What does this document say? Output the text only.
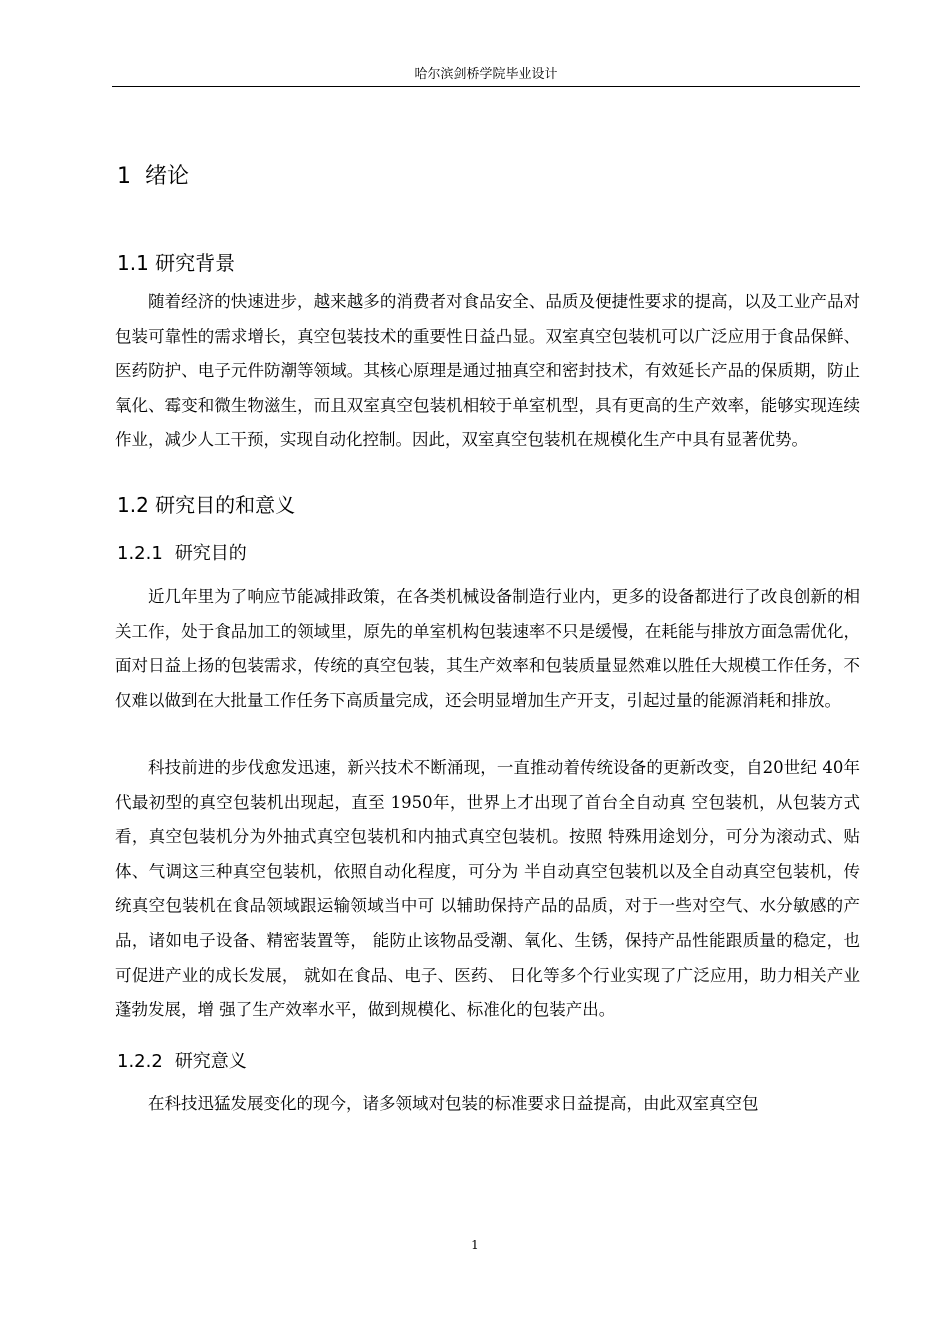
哈尔滨剑桥学院毕业设计
1 绪论
1.1 研究背景

随着经济的快速进步，越来越多的消费者对食品安全、品质及便捷性要求的提高，以及工业产品对包装可靠性的需求增长，真空包装技术的重要性日益凸显。双室真空包装机可以广泛应用于食品保鲜、医药防护、电子元件防潮等领域。其核心原理是通过抽真空和密封技术，有效延长产品的保质期，防止氧化、霉变和微生物滋生，而且双室真空包装机相较于单室机型，具有更高的生产效率，能够实现连续作业，减少人工干预，实现自动化控制。因此，双室真空包装机在规模化生产中具有显著优势。

1.2 研究目的和意义
1.2.1 研究目的

近几年里为了响应节能减排政策，在各类机械设备制造行业内，更多的设备都进行了改良创新的相关工作，处于食品加工的领域里，原先的单室机构包装速率不只是缓慢，在耗能与排放方面急需优化，面对日益上扬的包装需求，传统的真空包装，其生产效率和包装质量显然难以胜任大规模工作任务，不仅难以做到在大批量工作任务下高质量完成，还会明显增加生产开支，引起过量的能源消耗和排放。

科技前进的步伐愈发迅速，新兴技术不断涌现，一直推动着传统设备的更新改变，自20世纪 40年代最初型的真空包装机出现起，直至 1950年，世界上才出现了首台全自动真 空包装机，从包装方式看，真空包装机分为外抽式真空包装机和内抽式真空包装机。按照 特殊用途划分，可分为滚动式、贴体、气调这三种真空包装机，依照自动化程度，可分为 半自动真空包装机以及全自动真空包装机，传统真空包装机在食品领域跟运输领域当中可 以辅助保持产品的品质，对于一些对空气、水分敏感的产品，诸如电子设备、精密装置等， 能防止该物品受潮、氧化、生锈，保持产品性能跟质量的稳定，也可促进产业的成长发展， 就如在食品、电子、医药、 日化等多个行业实现了广泛应用，助力相关产业蓬勃发展，增 强了生产效率水平，做到规模化、标准化的包装产出。

1.2.2 研究意义

在科技迅猛发展变化的现今，诸多领域对包装的标准要求日益提高，由此双室真空包

1
